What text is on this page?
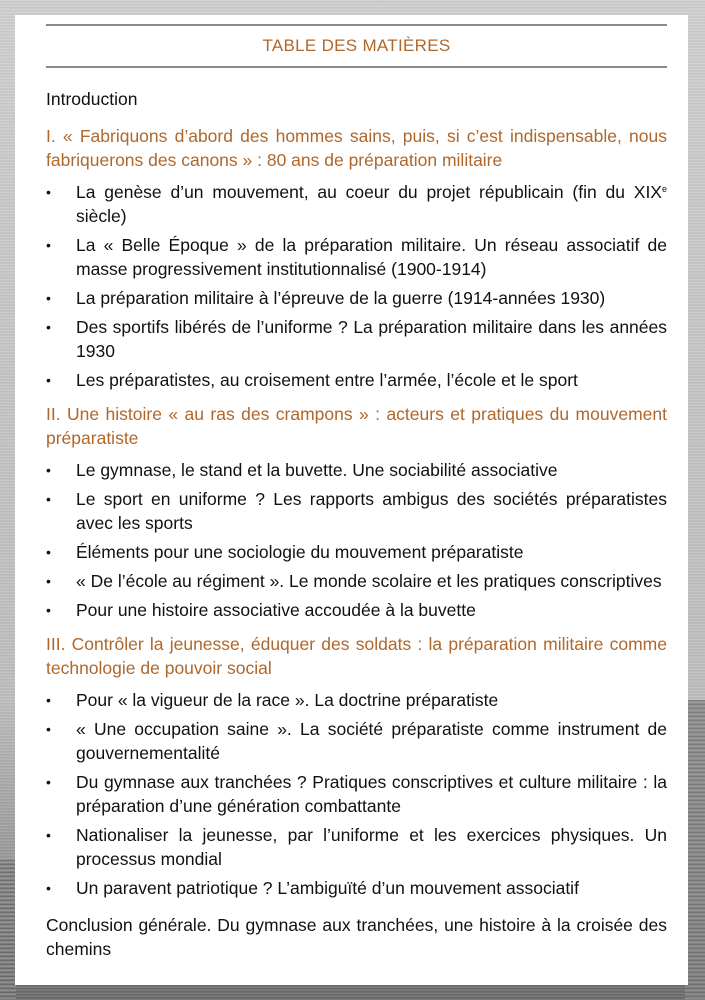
TABLE DES MATIÈRES
Introduction
I. « Fabriquons d’abord des hommes sains, puis, si c’est indispensable, nous fabriquerons des canons » : 80 ans de préparation militaire
•	La genèse d’un mouvement, au coeur du projet républicain (fin du XIXe siècle)
•	La « Belle Époque » de la préparation militaire. Un réseau associatif de masse progressivement institutionnalisé (1900-1914)
•	La préparation militaire à l’épreuve de la guerre (1914-années 1930)
•	Des sportifs libérés de l’uniforme ? La préparation militaire dans les années 1930
•	Les préparatistes, au croisement entre l’armée, l’école et le sport
II. Une histoire « au ras des crampons » : acteurs et pratiques du mouvement préparatiste
•	Le gymnase, le stand et la buvette. Une sociabilité associative
•	Le sport en uniforme ? Les rapports ambigus des sociétés préparatistes avec les sports
•	Éléments pour une sociologie du mouvement préparatiste
•	« De l’école au régiment ». Le monde scolaire et les pratiques conscriptives
•	Pour une histoire associative accoudée à la buvette
III. Contrôler la jeunesse, éduquer des soldats : la préparation militaire comme technologie de pouvoir social
•	Pour « la vigueur de la race ». La doctrine préparatiste
•	« Une occupation saine ». La société préparatiste comme instrument de gouvernementalité
•	Du gymnase aux tranchées ? Pratiques conscriptives et culture militaire : la préparation d’une génération combattante
•	Nationaliser la jeunesse, par l’uniforme et les exercices physiques. Un processus mondial
•	Un paravent patriotique ? L’ambiguïté d’un mouvement associatif
Conclusion générale. Du gymnase aux tranchées, une histoire à la croisée des chemins
